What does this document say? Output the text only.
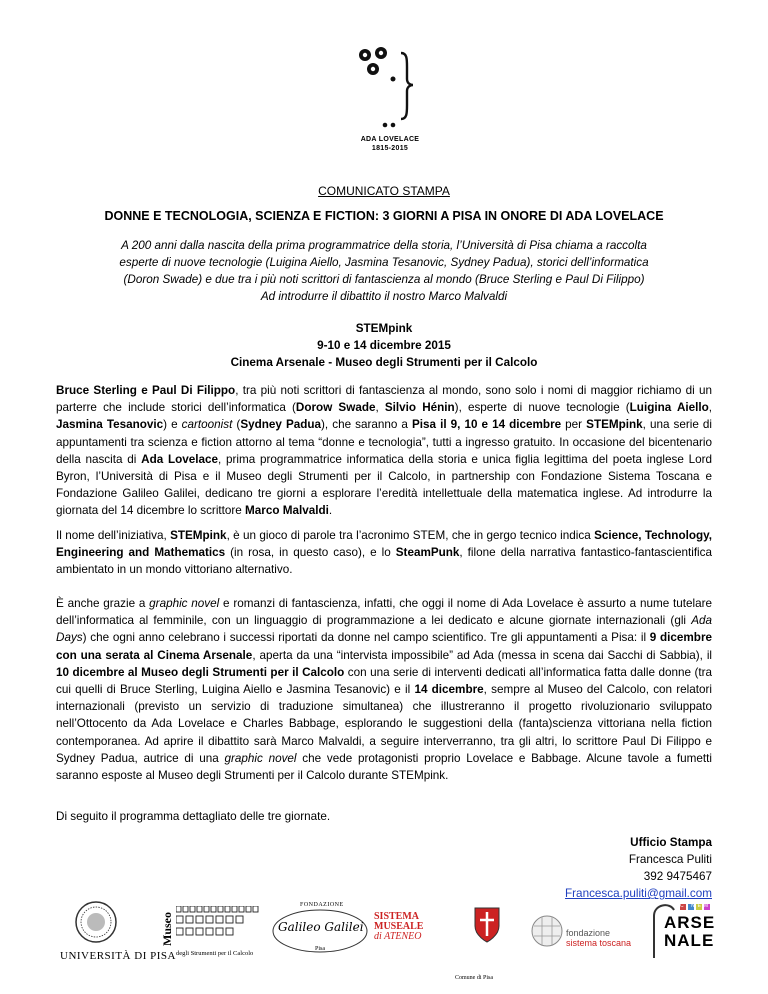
ADA LOVELACE
1815-2015
COMUNICATO STAMPA
DONNE E TECNOLOGIA, SCIENZA E FICTION: 3 GIORNI A PISA IN ONORE DI ADA LOVELACE
A 200 anni dalla nascita della prima programmatrice della storia, l’Università di Pisa chiama a raccolta
esperte di nuove tecnologie (Luigina Aiello, Jasmina Tesanovic, Sydney Padua), storici dell’informatica
(Doron Swade) e due tra i più noti scrittori di fantascienza al mondo (Bruce Sterling e Paul Di Filippo)
Ad introdurre il dibattito il nostro Marco Malvaldi
STEMpink
9-10 e 14 dicembre 2015
Cinema Arsenale - Museo degli Strumenti per il Calcolo

Bruce Sterling e Paul Di Filippo, tra più noti scrittori di fantascienza al mondo, sono solo i nomi di maggior richiamo di un parterre che include storici dell’informatica (Dorow Swade, Silvio Hénin), esperte di nuove tecnologie (Luigina Aiello, Jasmina Tesanovic) e cartoonist (Sydney Padua), che saranno a Pisa il 9, 10 e 14 dicembre per STEMpink, una serie di appuntamenti tra scienza e fiction attorno al tema “donne e tecnologia”, tutti a ingresso gratuito. In occasione del bicentenario della nascita di Ada Lovelace, prima programmatrice informatica della storia e unica figlia legittima del poeta inglese Lord Byron, l’Università di Pisa e il Museo degli Strumenti per il Calcolo, in partnership con Fondazione Sistema Toscana e Fondazione Galileo Galilei, dedicano tre giorni a esplorare l’eredità intellettuale della matematica inglese. Ad introdurre la giornata del 14 dicembre lo scrittore Marco Malvaldi.

Il nome dell’iniziativa, STEMpink, è un gioco di parole tra l’acronimo STEM, che in gergo tecnico indica Science, Technology, Engineering and Mathematics (in rosa, in questo caso), e lo SteamPunk, filone della narrativa fantastico-fantascientifica ambientato in un mondo vittoriano alternativo.

È anche grazie a graphic novel e romanzi di fantascienza, infatti, che oggi il nome di Ada Lovelace è assurto a nume tutelare dell’informatica al femminile, con un linguaggio di programmazione a lei dedicato e alcune giornate internazionali (gli Ada Days) che ogni anno celebrano i successi riportati da donne nel campo scientifico. Tre gli appuntamenti a Pisa: il 9 dicembre con una serata al Cinema Arsenale, aperta da una “intervista impossibile” ad Ada (messa in scena dai Sacchi di Sabbia), il 10 dicembre al Museo degli Strumenti per il Calcolo con una serie di interventi dedicati all’informatica fatta dalle donne (tra cui quelli di Bruce Sterling, Luigina Aiello e Jasmina Tesanovic) e il 14 dicembre, sempre al Museo del Calcolo, con relatori internazionali (previsto un servizio di traduzione simultanea) che illustreranno il progetto rivoluzionario sviluppato nell’Ottocento da Ada Lovelace e Charles Babbage, esplorando le suggestioni della (fanta)scienza vittoriana nella fiction contemporanea. Ad aprire il dibattito sarà Marco Malvaldi, a seguire interverranno, tra gli altri, lo scrittore Paul Di Filippo e Sydney Padua, autrice di una graphic novel che vede protagonisti proprio Lovelace e Babbage. Alcune tavole a fumetti saranno esposte al Museo degli Strumenti per il Calcolo durante STEMpink.

Di seguito il programma dettagliato delle tre giornate.

Ufficio Stampa
Francesca Puliti
392 9475467
Francesca.puliti@gmail.com
UNIVERSITÀ DI PISA
Museo
degli Strumenti per il Calcolo
FONDAZIONE
Galileo Galilei
Pisa
SISTEMA
MUSEALE
di ATENEO
Comune di Pisa
fondazione
sistema toscana
CINEMA
ARSE NALE
